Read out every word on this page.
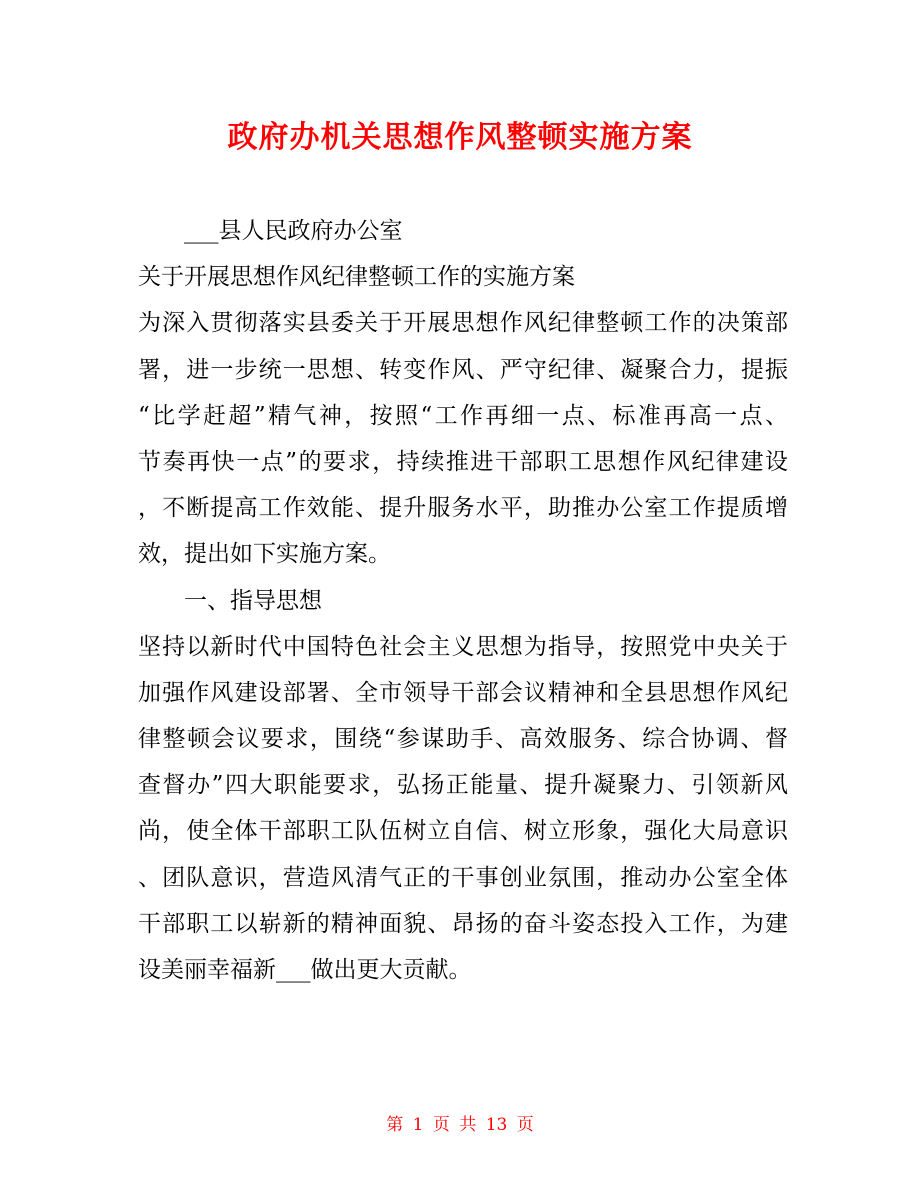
政府办机关思想作风整顿实施方案
___县人民政府办公室
关于开展思想作风纪律整顿工作的实施方案
为深入贯彻落实县委关于开展思想作风纪律整顿工作的决策部
署，进一步统一思想、转变作风、严守纪律、凝聚合力，提振
“比学赶超”精气神，按照“工作再细一点、标准再高一点、
节奏再快一点”的要求，持续推进干部职工思想作风纪律建设
，不断提高工作效能、提升服务水平，助推办公室工作提质增
效，提出如下实施方案。
一、指导思想
坚持以新时代中国特色社会主义思想为指导，按照党中央关于
加强作风建设部署、全市领导干部会议精神和全县思想作风纪
律整顿会议要求，围绕“参谋助手、高效服务、综合协调、督
查督办”四大职能要求，弘扬正能量、提升凝聚力、引领新风
尚，使全体干部职工队伍树立自信、树立形象，强化大局意识
、团队意识，营造风清气正的干事创业氛围，推动办公室全体
干部职工以崭新的精神面貌、昂扬的奋斗姿态投入工作，为建
设美丽幸福新___做出更大贡献。
第 1 页 共 13 页
